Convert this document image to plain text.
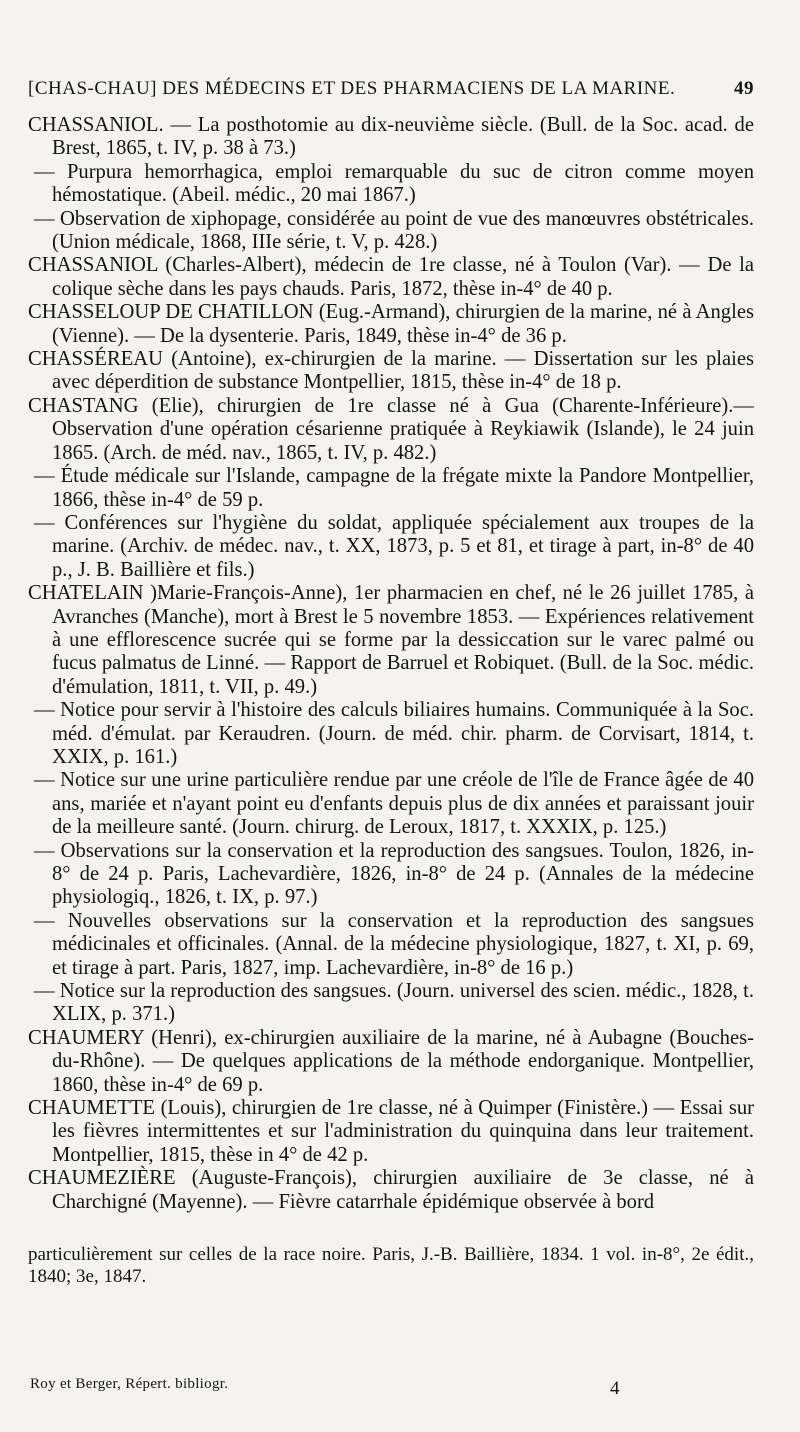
[CHAS-CHAU] DES MÉDECINS ET DES PHARMACIENS DE LA MARINE.	49

CHASSANIOL. — La posthotomie au dix-neuvième siècle. (Bull. de la Soc. acad. de Brest, 1865, t. IV, p. 38 à 73.)

— Purpura hemorrhagica, emploi remarquable du suc de citron comme moyen hémostatique. (Abeil. médic., 20 mai 1867.)

— Observation de xiphopage, considérée au point de vue des manœuvres obstétricales. (Union médicale, 1868, IIIe série, t. V, p. 428.)

CHASSANIOL (Charles-Albert), médecin de 1re classe, né à Toulon (Var). — De la colique sèche dans les pays chauds. Paris, 1872, thèse in-4° de 40 p.

CHASSELOUP DE CHATILLON (Eug.-Armand), chirurgien de la marine, né à Angles (Vienne). — De la dysenterie. Paris, 1849, thèse in-4° de 36 p.

CHASSÉREAU (Antoine), ex-chirurgien de la marine. — Dissertation sur les plaies avec déperdition de substance Montpellier, 1815, thèse in-4° de 18 p.

CHASTANG (Elie), chirurgien de 1re classe né à Gua (Charente-Inférieure).— Observation d'une opération césarienne pratiquée à Reykiawik (Islande), le 24 juin 1865. (Arch. de méd. nav., 1865, t. IV, p. 482.)

— Étude médicale sur l'Islande, campagne de la frégate mixte la Pandore Montpellier, 1866, thèse in-4° de 59 p.

— Conférences sur l'hygiène du soldat, appliquée spécialement aux troupes de la marine. (Archiv. de médec. nav., t. XX, 1873, p. 5 et 81, et tirage à part, in-8° de 40 p., J. B. Baillière et fils.)

CHATELAIN )Marie-François-Anne), 1er pharmacien en chef, né le 26 juillet 1785, à Avranches (Manche), mort à Brest le 5 novembre 1853. — Expériences relativement à une efflorescence sucrée qui se forme par la dessiccation sur le varec palmé ou fucus palmatus de Linné. — Rapport de Barruel et Robiquet. (Bull. de la Soc. médic. d'émulation, 1811, t. VII, p. 49.)

— Notice pour servir à l'histoire des calculs biliaires humains. Communiquée à la Soc. méd. d'émulat. par Keraudren. (Journ. de méd. chir. pharm. de Corvisart, 1814, t. XXIX, p. 161.)

— Notice sur une urine particulière rendue par une créole de l'île de France âgée de 40 ans, mariée et n'ayant point eu d'enfants depuis plus de dix années et paraissant jouir de la meilleure santé. (Journ. chirurg. de Leroux, 1817, t. XXXIX, p. 125.)

— Observations sur la conservation et la reproduction des sangsues. Toulon, 1826, in-8° de 24 p. Paris, Lachevardière, 1826, in-8° de 24 p. (Annales de la médecine physiologiq., 1826, t. IX, p. 97.)

— Nouvelles observations sur la conservation et la reproduction des sangsues médicinales et officinales. (Annal. de la médecine physiologique, 1827, t. XI, p. 69, et tirage à part. Paris, 1827, imp. Lachevardière, in-8° de 16 p.)

— Notice sur la reproduction des sangsues. (Journ. universel des scien. médic., 1828, t. XLIX, p. 371.)

CHAUMERY (Henri), ex-chirurgien auxiliaire de la marine, né à Aubagne (Bouches-du-Rhône). — De quelques applications de la méthode endorganique. Montpellier, 1860, thèse in-4° de 69 p.

CHAUMETTE (Louis), chirurgien de 1re classe, né à Quimper (Finistère.) — Essai sur les fièvres intermittentes et sur l'administration du quinquina dans leur traitement. Montpellier, 1815, thèse in 4° de 42 p.

CHAUMEZIÈRE (Auguste-François), chirurgien auxiliaire de 3e classe, né à Charchigné (Mayenne). — Fièvre catarrhale épidémique observée à bord

particulièrement sur celles de la race noire. Paris, J.-B. Baillière, 1834. 1 vol. in-8°, 2e édit., 1840; 3e, 1847.

Roy et Berger, Répert. bibliogr.	4
